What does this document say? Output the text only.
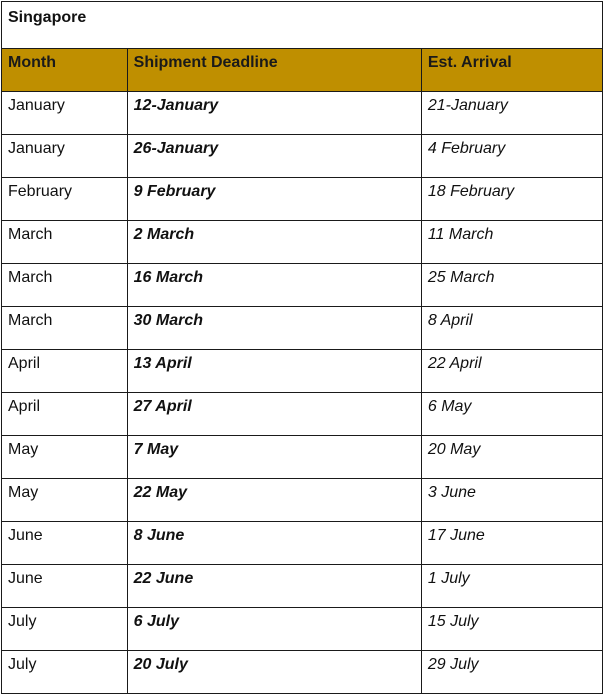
Singapore		
Month	Shipment Deadline	Est. Arrival
January	12-January	21-January
January	26-January	4 February
February	9 February	18 February
March	2 March	11 March
March	16 March	25 March
March	30 March	8 April
April	13 April	22 April
April	27 April	6 May
May	7 May	20 May
May	22 May	3 June
June	8 June	17 June
June	22 June	1 July
July	6 July	15 July
July	20 July	29 July
